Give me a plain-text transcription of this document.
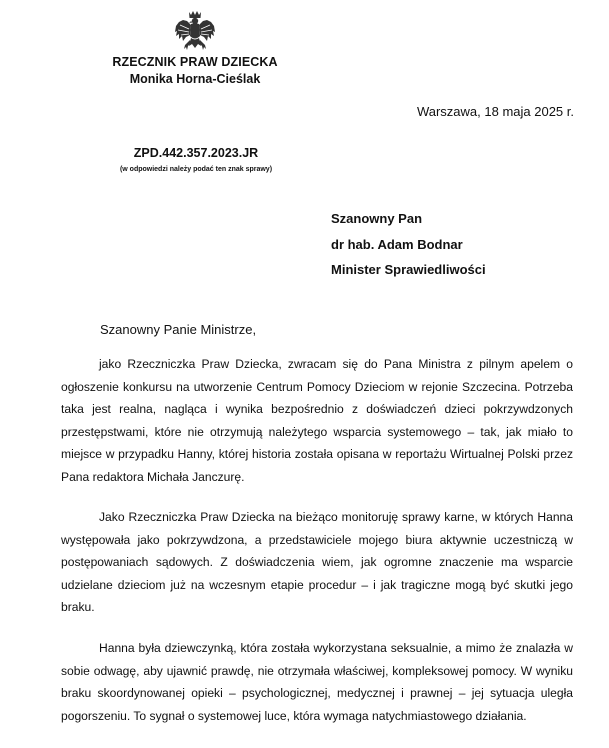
RZECZNIK PRAW DZIECKA
Monika Horna-Cieślak
Warszawa, 18 maja 2025 r.
ZPD.442.357.2023.JR
(w odpowiedzi należy podać ten znak sprawy)
Szanowny Pan
dr hab. Adam Bodnar
Minister Sprawiedliwości
Szanowny Panie Ministrze,

jako Rzeczniczka Praw Dziecka, zwracam się do Pana Ministra z pilnym apelem o ogłoszenie konkursu na utworzenie Centrum Pomocy Dzieciom w rejonie Szczecina. Potrzeba taka jest realna, nagląca i wynika bezpośrednio z doświadczeń dzieci pokrzywdzonych przestępstwami, które nie otrzymują należytego wsparcia systemowego – tak, jak miało to miejsce w przypadku Hanny, której historia została opisana w reportażu Wirtualnej Polski przez Pana redaktora Michała Janczurę.

Jako Rzeczniczka Praw Dziecka na bieżąco monitoruję sprawy karne, w których Hanna występowała jako pokrzywdzona, a przedstawiciele mojego biura aktywnie uczestniczą w postępowaniach sądowych. Z doświadczenia wiem, jak ogromne znaczenie ma wsparcie udzielane dzieciom już na wczesnym etapie procedur – i jak tragiczne mogą być skutki jego braku.

Hanna była dziewczynką, która została wykorzystana seksualnie, a mimo że znalazła w sobie odwagę, aby ujawnić prawdę, nie otrzymała właściwej, kompleksowej pomocy. W wyniku braku skoordynowanej opieki – psychologicznej, medycznej i prawnej – jej sytuacja uległa pogorszeniu. To sygnał o systemowej luce, która wymaga natychmiastowego działania.
